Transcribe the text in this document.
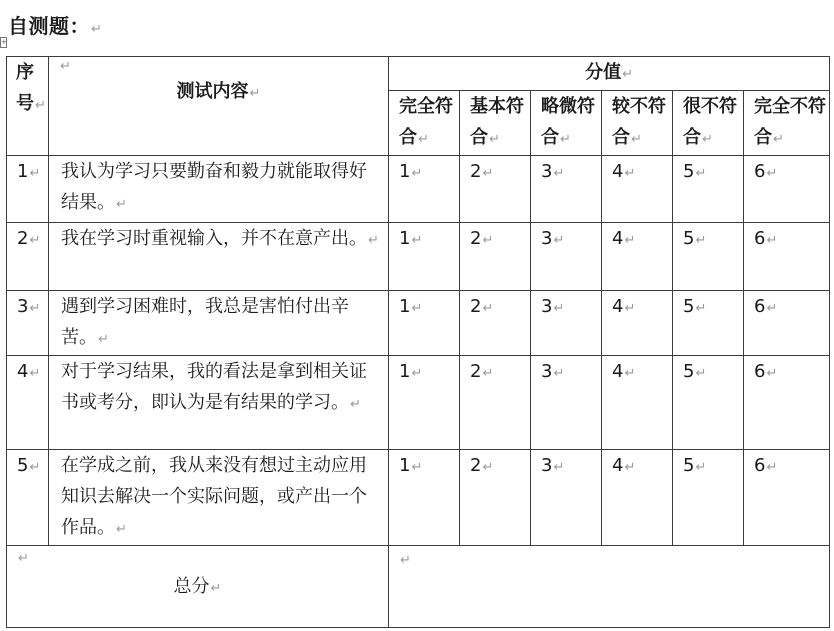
自测题：↵
+
序号↵	↵
测试内容↵	分值↵					
		完全符合↵	基本符合↵	略微符合↵	较不符合↵	很不符合↵	完全不符合↵
1↵	我认为学习只要勤奋和毅力就能取得好结果。↵	1↵	2↵	3↵	4↵	5↵	6↵
2↵	我在学习时重视输入，并不在意产出。↵	1↵	2↵	3↵	4↵	5↵	6↵
3↵	遇到学习困难时，我总是害怕付出辛苦。↵	1↵	2↵	3↵	4↵	5↵	6↵
4↵	对于学习结果，我的看法是拿到相关证书或考分，即认为是有结果的学习。↵	1↵	2↵	3↵	4↵	5↵	6↵
5↵	在学成之前，我从来没有想过主动应用知识去解决一个实际问题，或产出一个作品。↵	1↵	2↵	3↵	4↵	5↵	6↵

↵
总分↵		↵					
